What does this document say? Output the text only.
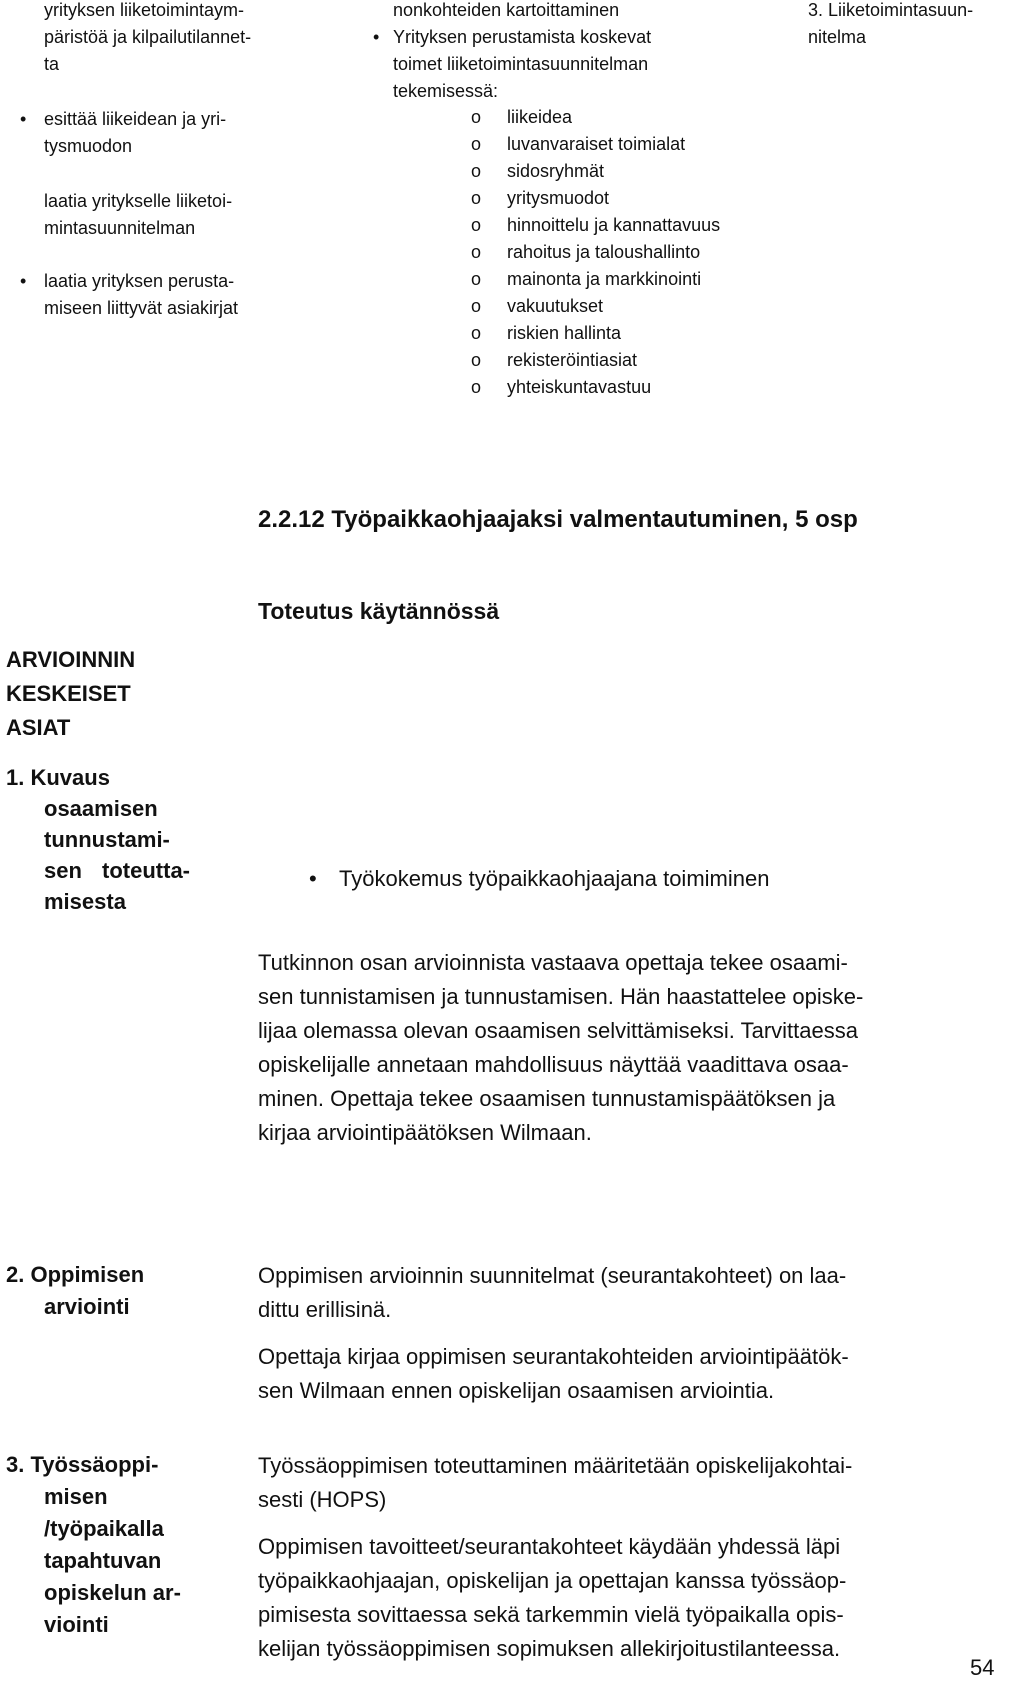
yrityksen liiketoimintaym-

päristöä ja kilpailutilannet-

ta

• esittää liikeidean ja yri-

tysmuodon

laatia yritykselle liiketoi-

mintasuunnitelman

• laatia yrityksen perusta-

miseen liittyvät asiakirjat

nonkohteiden kartoittaminen

• Yrityksen perustamista koskevat

toimet liiketoimintasuunnitelman

tekemisessä:

o liikeidea
o luvanvaraiset toimialat
o sidosryhmät
o yritysmuodot
o hinnoittelu ja kannattavuus
o rahoitus ja taloushallinto
o mainonta ja markkinointi
o vakuutukset
o riskien hallinta
o rekisteröintiasiat
o yhteiskuntavastuu

3. Liiketoimintasuun-

nitelma

2.2.12 Työpaikkaohjaajaksi valmentautuminen, 5 osp
Toteutus käytännössä

ARVIOINNIN

KESKEISET

ASIAT

1. Kuvaus

osaamisen

tunnustami-

sen toteutta-

misesta

• Työkokemus työpaikkaohjaajana toimiminen

Tutkinnon osan arvioinnista vastaava opettaja tekee osaami-

sen tunnistamisen ja tunnustamisen. Hän haastattelee opiske-

lijaa olemassa olevan osaamisen selvittämiseksi. Tarvittaessa

opiskelijalle annetaan mahdollisuus näyttää vaadittava osaa-

minen. Opettaja tekee osaamisen tunnustamispäätöksen ja

kirjaa arviointipäätöksen Wilmaan.

2. Oppimisen

arviointi

Oppimisen arvioinnin suunnitelmat (seurantakohteet) on laa-

dittu erillisinä.

Opettaja kirjaa oppimisen seurantakohteiden arviointipäätök-

sen Wilmaan ennen opiskelijan osaamisen arviointia.

3. Työssäoppi-

misen

/työpaikalla

tapahtuvan

opiskelun ar-

viointi

Työssäoppimisen toteuttaminen määritetään opiskelijakohtai-

sesti (HOPS)

Oppimisen tavoitteet/seurantakohteet käydään yhdessä läpi

työpaikkaohjaajan, opiskelijan ja opettajan kanssa työssäop-

pimisesta sovittaessa sekä tarkemmin vielä työpaikalla opis-

kelijan työssäoppimisen sopimuksen allekirjoitustilanteessa.

54
